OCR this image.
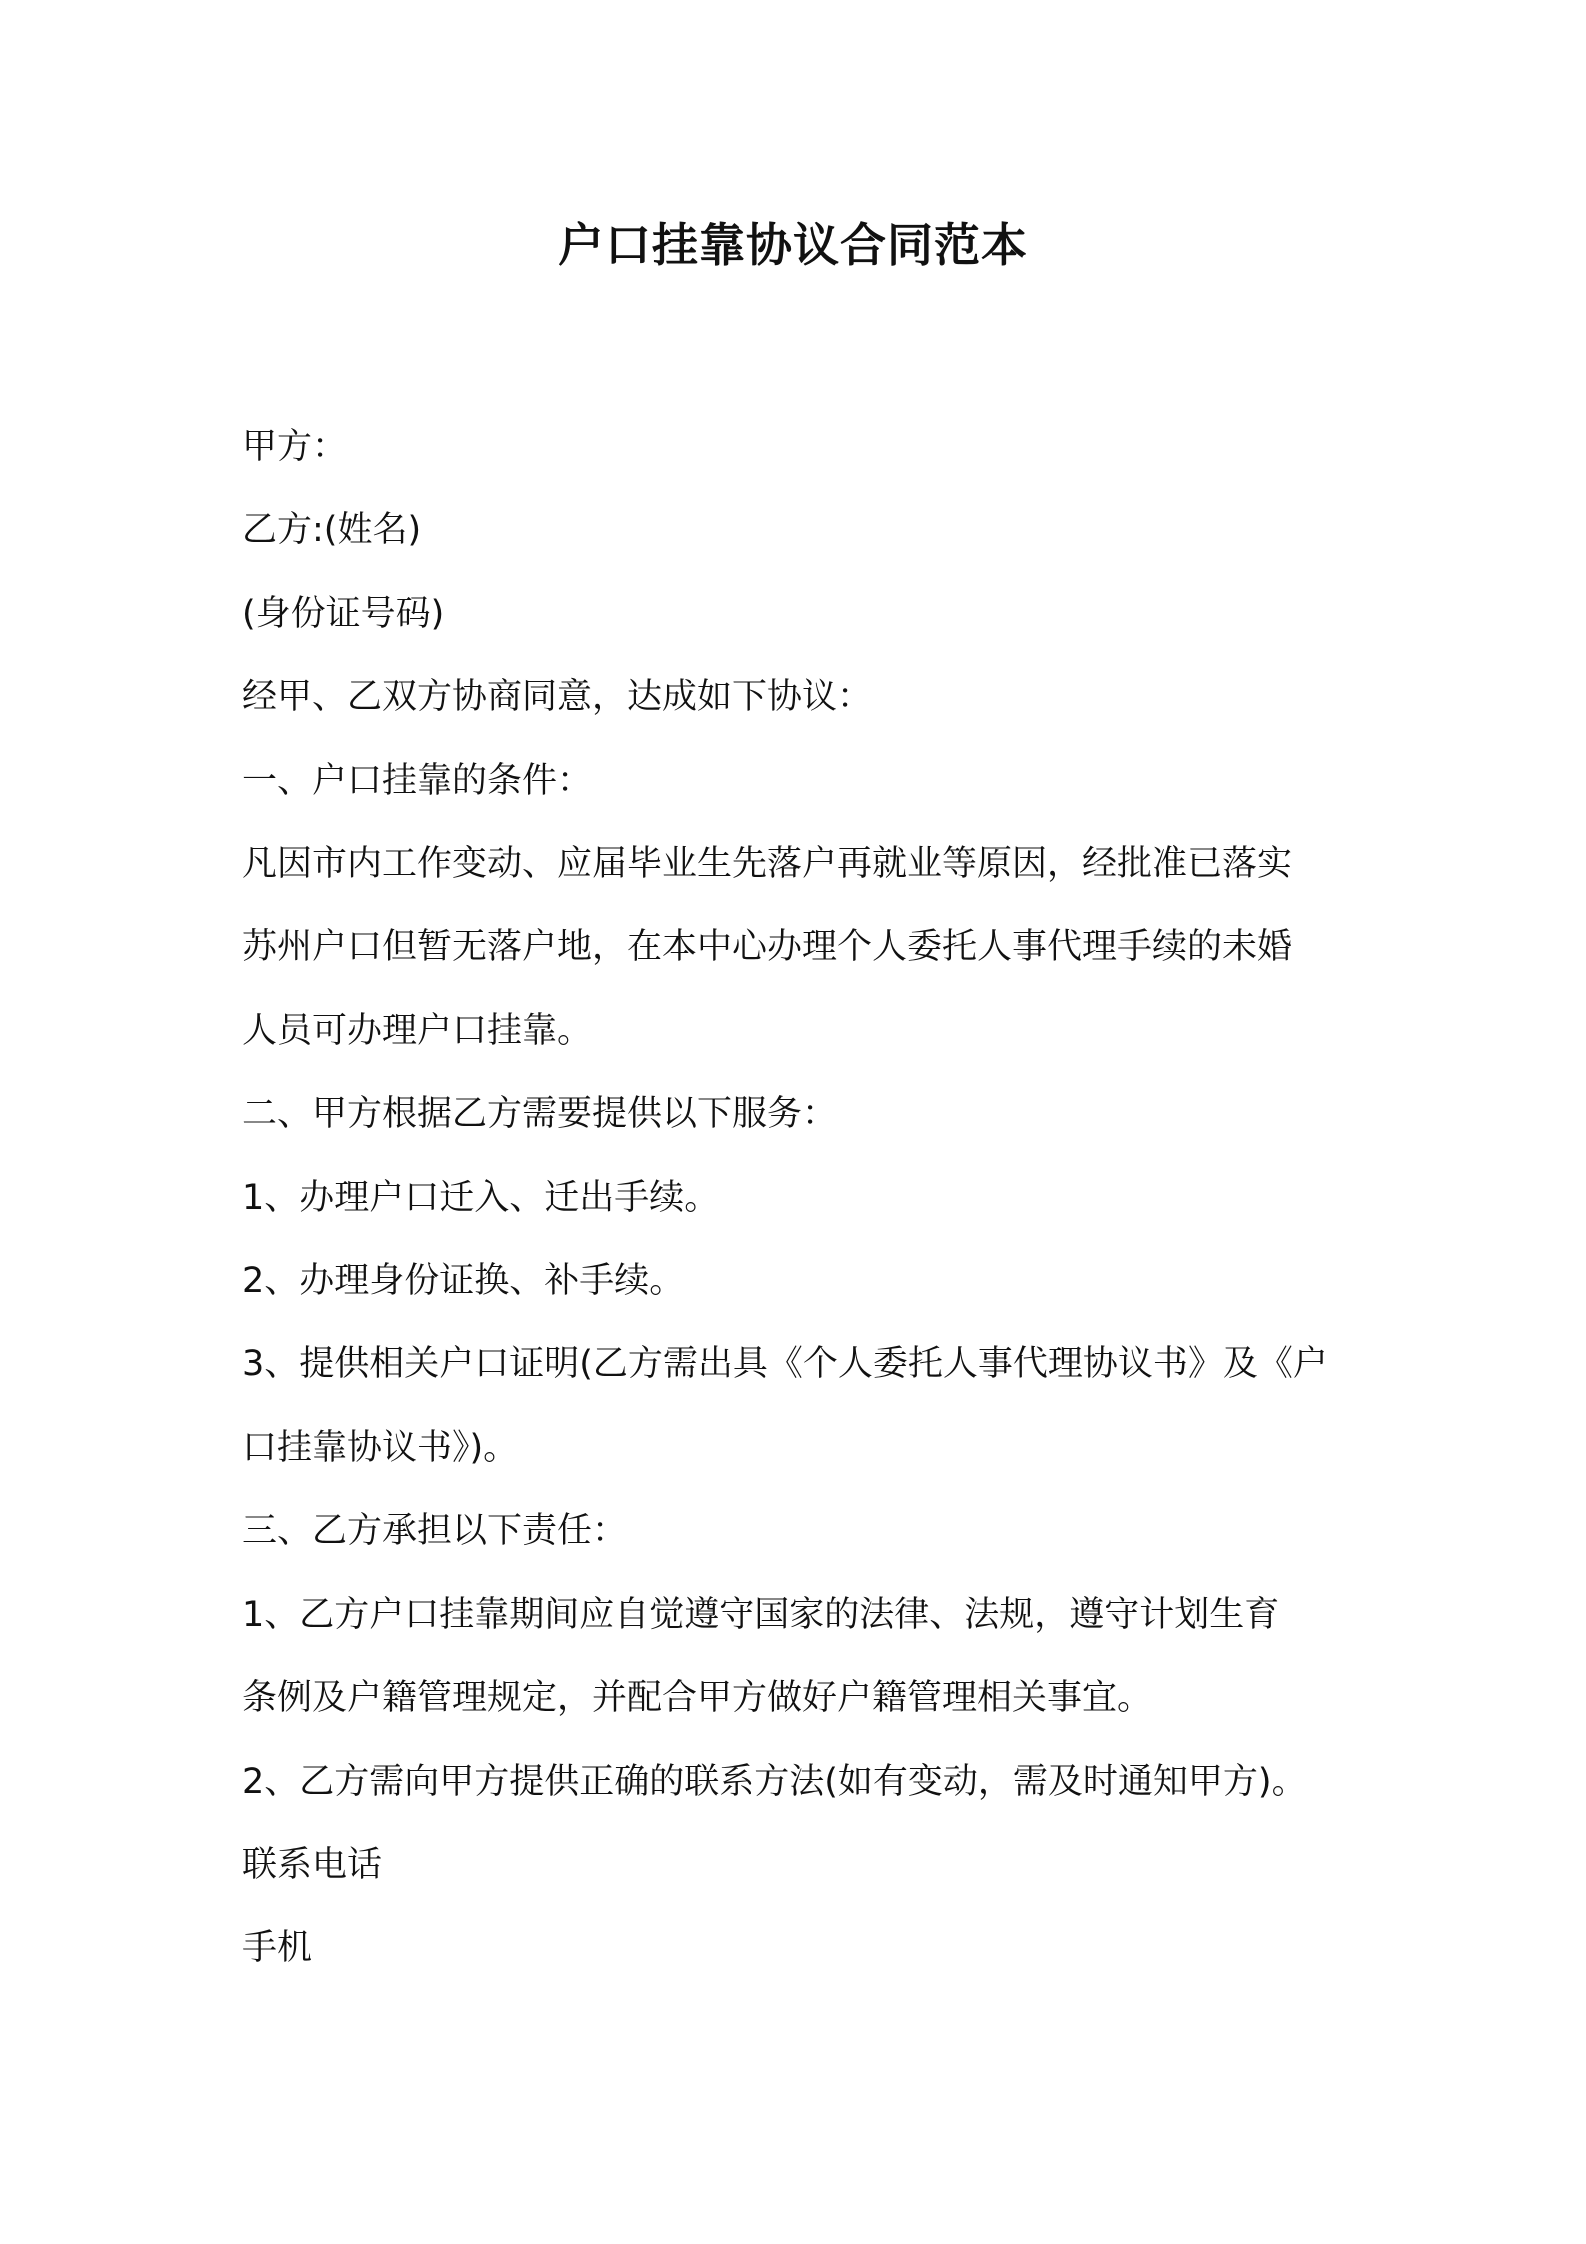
户口挂靠协议合同范本

甲方：

乙方:(姓名)

(身份证号码)

经甲、乙双方协商同意，达成如下协议：

一、户口挂靠的条件：

凡因市内工作变动、应届毕业生先落户再就业等原因，经批准已落实

苏州户口但暂无落户地，在本中心办理个人委托人事代理手续的未婚

人员可办理户口挂靠。

二、甲方根据乙方需要提供以下服务：

1、办理户口迁入、迁出手续。

2、办理身份证换、补手续。

3、提供相关户口证明(乙方需出具《个人委托人事代理协议书》及《户

口挂靠协议书》)。

三、乙方承担以下责任：

1、乙方户口挂靠期间应自觉遵守国家的法律、法规，遵守计划生育

条例及户籍管理规定，并配合甲方做好户籍管理相关事宜。

2、乙方需向甲方提供正确的联系方法(如有变动，需及时通知甲方)。

联系电话

手机
